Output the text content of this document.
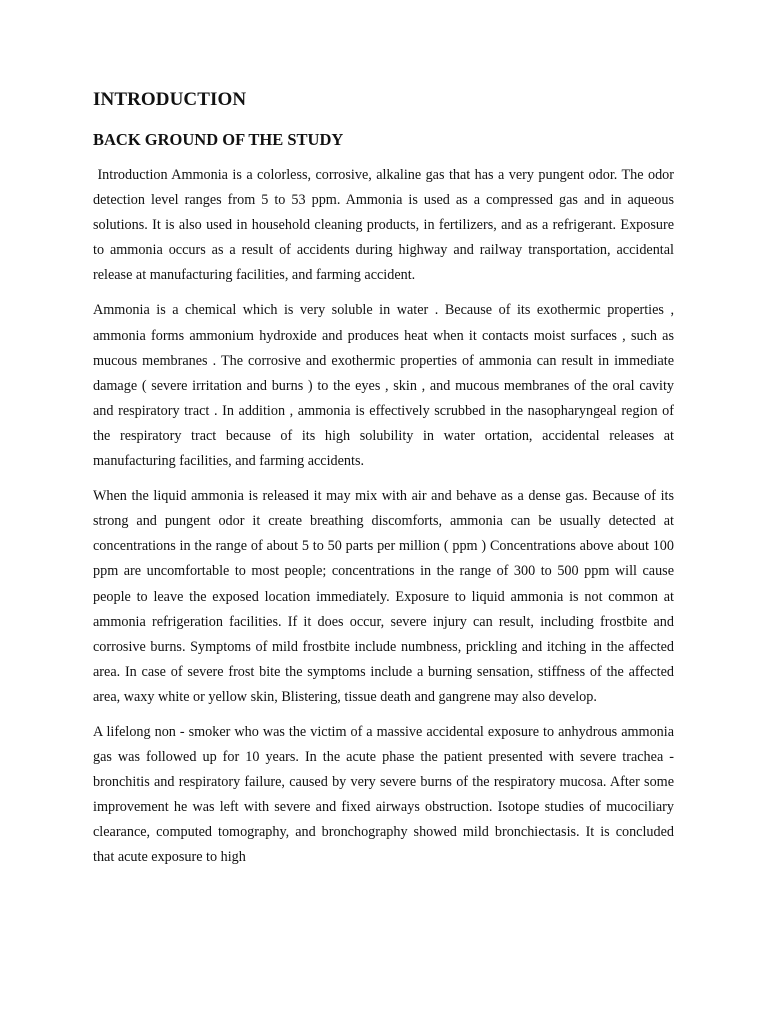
INTRODUCTION
BACK GROUND OF THE STUDY

Introduction Ammonia is a colorless, corrosive, alkaline gas that has a very pungent odor. The odor detection level ranges from 5 to 53 ppm. Ammonia is used as a compressed gas and in aqueous solutions. It is also used in household cleaning products, in fertilizers, and as a refrigerant. Exposure to ammonia occurs as a result of accidents during highway and railway transportation, accidental release at manufacturing facilities, and farming accident.

Ammonia is a chemical which is very soluble in water . Because of its exothermic properties , ammonia forms ammonium hydroxide and produces heat when it contacts moist surfaces , such as mucous membranes . The corrosive and exothermic properties of ammonia can result in immediate damage ( severe irritation and burns ) to the eyes , skin , and mucous membranes of the oral cavity and respiratory tract . In addition , ammonia is effectively scrubbed in the nasopharyngeal region of the respiratory tract because of its high solubility in water ortation, accidental releases at manufacturing facilities, and farming accidents.

When the liquid ammonia is released it may mix with air and behave as a dense gas. Because of its strong and pungent odor it create breathing discomforts, ammonia can be usually detected at concentrations in the range of about 5 to 50 parts per million ( ppm ) Concentrations above about 100 ppm are uncomfortable to most people; concentrations in the range of 300 to 500 ppm will cause people to leave the exposed location immediately. Exposure to liquid ammonia is not common at ammonia refrigeration facilities. If it does occur, severe injury can result, including frostbite and corrosive burns. Symptoms of mild frostbite include numbness, prickling and itching in the affected area. In case of severe frost bite the symptoms include a burning sensation, stiffness of the affected area, waxy white or yellow skin, Blistering, tissue death and gangrene may also develop.

A lifelong non - smoker who was the victim of a massive accidental exposure to anhydrous ammonia gas was followed up for 10 years. In the acute phase the patient presented with severe trachea - bronchitis and respiratory failure, caused by very severe burns of the respiratory mucosa. After some improvement he was left with severe and fixed airways obstruction. Isotope studies of mucociliary clearance, computed tomography, and bronchography showed mild bronchiectasis. It is concluded that acute exposure to high
